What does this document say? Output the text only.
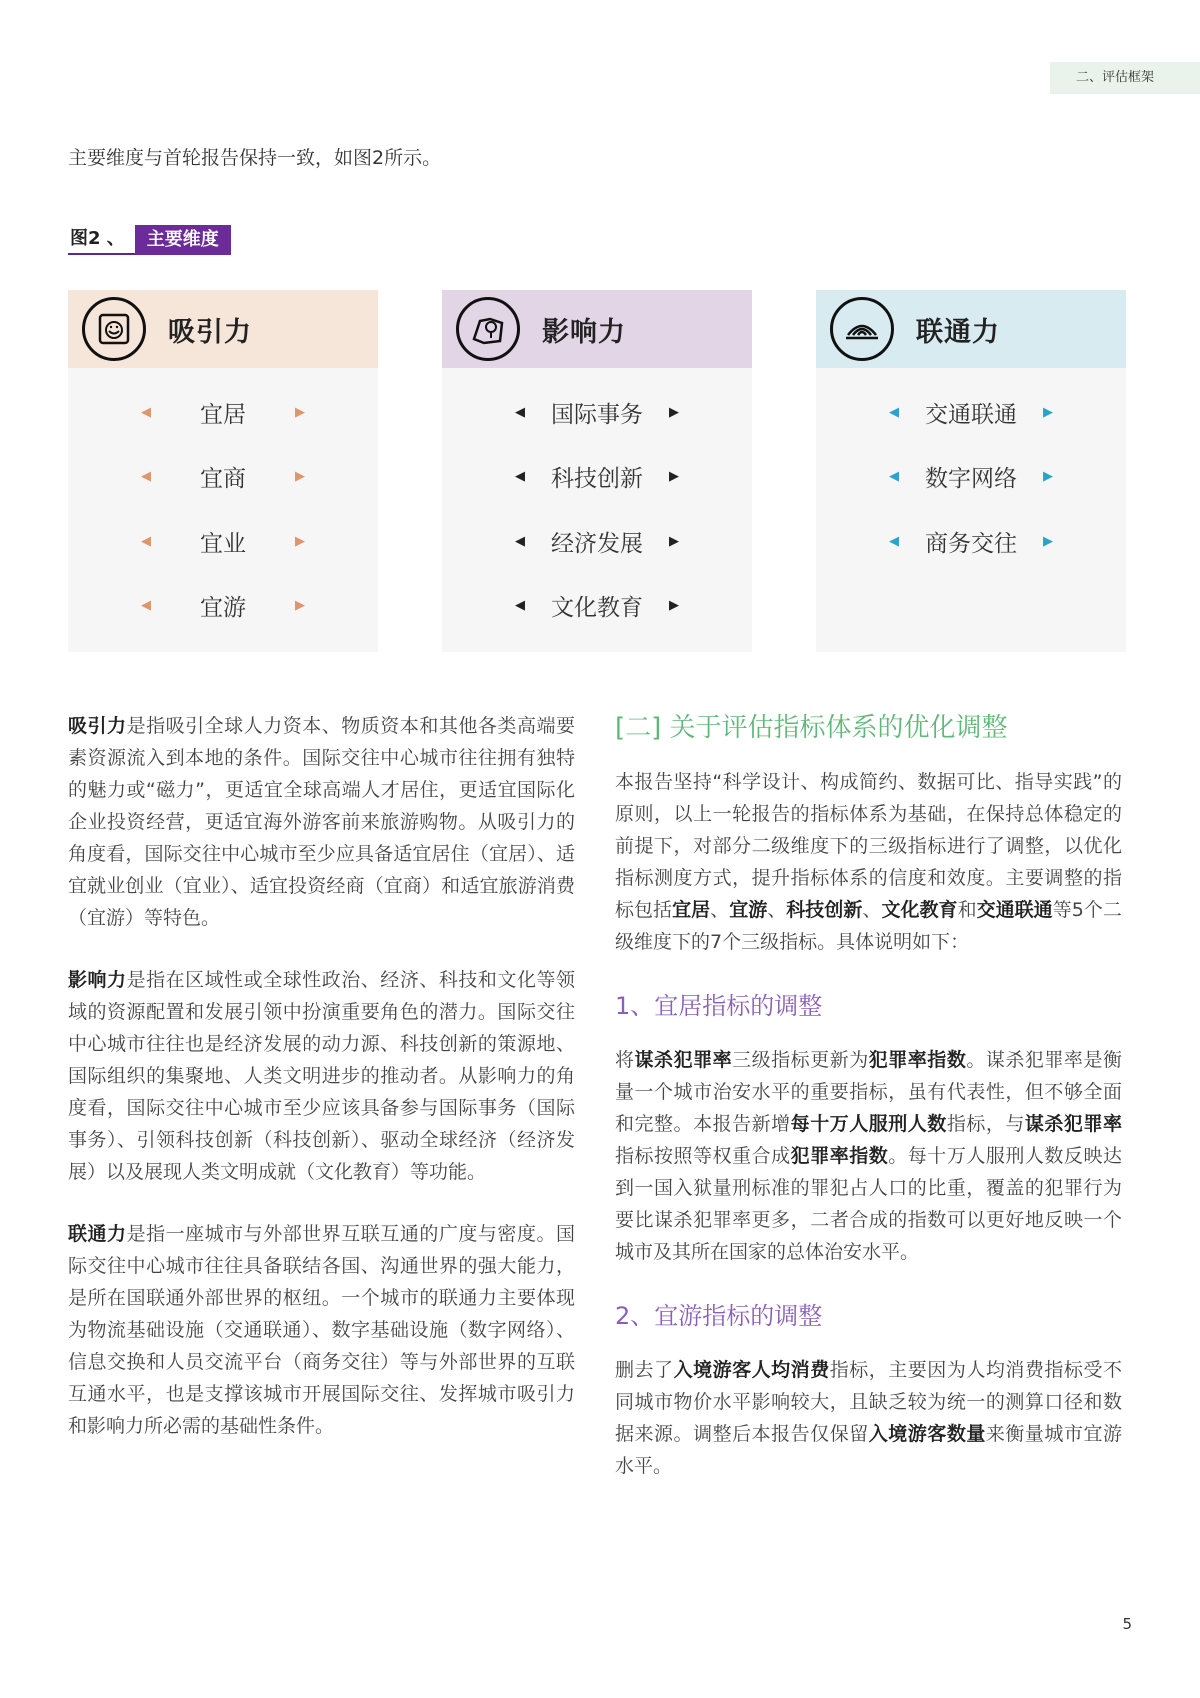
二、评估框架
主要维度与首轮报告保持一致，如图2所示。
图2 、	主要维度
吸引力
◀	宜居	▶
◀	宜商	▶
◀	宜业	▶
◀	宜游	▶
影响力
◀	国际事务	▶
◀	科技创新	▶
◀	经济发展	▶
◀	文化教育	▶
联通力
◀	交通联通	▶
◀	数字网络	▶
◀	商务交往	▶

吸引力是指吸引全球人力资本、物质资本和其他各类高端要素资源流入到本地的条件。国际交往中心城市往往拥有独特的魅力或“磁力”，更适宜全球高端人才居住，更适宜国际化企业投资经营，更适宜海外游客前来旅游购物。从吸引力的角度看，国际交往中心城市至少应具备适宜居住（宜居）、适宜就业创业（宜业）、适宜投资经商（宜商）和适宜旅游消费（宜游）等特色。

影响力是指在区域性或全球性政治、经济、科技和文化等领域的资源配置和发展引领中扮演重要角色的潜力。国际交往中心城市往往也是经济发展的动力源、科技创新的策源地、国际组织的集聚地、人类文明进步的推动者。从影响力的角度看，国际交往中心城市至少应该具备参与国际事务（国际事务）、引领科技创新（科技创新）、驱动全球经济（经济发展）以及展现人类文明成就（文化教育）等功能。

联通力是指一座城市与外部世界互联互通的广度与密度。国际交往中心城市往往具备联结各国、沟通世界的强大能力，是所在国联通外部世界的枢纽。一个城市的联通力主要体现为物流基础设施（交通联通）、数字基础设施（数字网络）、信息交换和人员交流平台（商务交往）等与外部世界的互联互通水平，也是支撑该城市开展国际交往、发挥城市吸引力和影响力所必需的基础性条件。

[二] 关于评估指标体系的优化调整

本报告坚持“科学设计、构成简约、数据可比、指导实践”的原则，以上一轮报告的指标体系为基础，在保持总体稳定的前提下，对部分二级维度下的三级指标进行了调整，以优化指标测度方式，提升指标体系的信度和效度。主要调整的指标包括宜居、宜游、科技创新、文化教育和交通联通等5个二级维度下的7个三级指标。具体说明如下：

1、宜居指标的调整

将谋杀犯罪率三级指标更新为犯罪率指数。谋杀犯罪率是衡量一个城市治安水平的重要指标，虽有代表性，但不够全面和完整。本报告新增每十万人服刑人数指标，与谋杀犯罪率指标按照等权重合成犯罪率指数。每十万人服刑人数反映达到一国入狱量刑标准的罪犯占人口的比重，覆盖的犯罪行为要比谋杀犯罪率更多，二者合成的指数可以更好地反映一个城市及其所在国家的总体治安水平。

2、宜游指标的调整

删去了入境游客人均消费指标，主要因为人均消费指标受不同城市物价水平影响较大，且缺乏较为统一的测算口径和数据来源。调整后本报告仅保留入境游客数量来衡量城市宜游水平。

5
